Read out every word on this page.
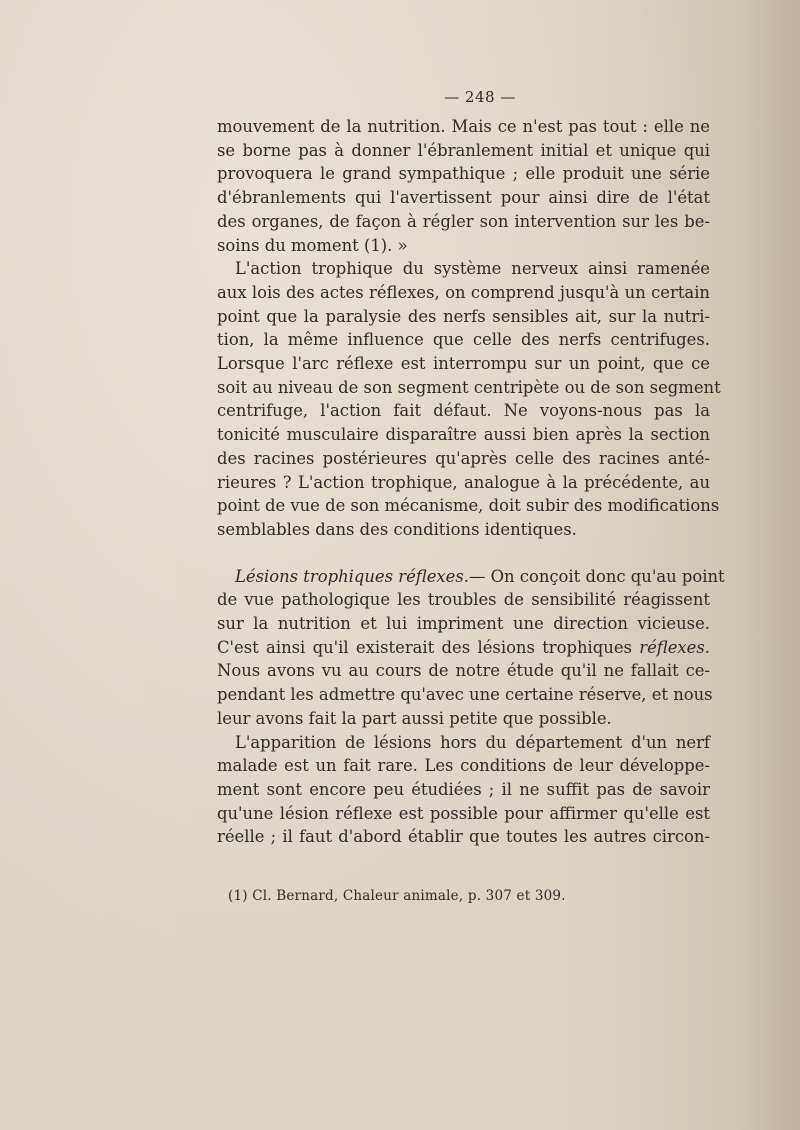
— 248 —
mouvement de la nutrition. Mais ce n'est pas tout : elle ne
se borne pas à donner l'ébranlement initial et unique qui
provoquera le grand sympathique ; elle produit une série
d'ébranlements qui l'avertissent pour ainsi dire de l'état
des organes, de façon à régler son intervention sur les be-
soins du moment (1). »
L'action trophique du système nerveux ainsi ramenée
aux lois des actes réflexes, on comprend jusqu'à un certain
point que la paralysie des nerfs sensibles ait, sur la nutri-
tion, la même influence que celle des nerfs centrifuges.
Lorsque l'arc réflexe est interrompu sur un point, que ce
soit au niveau de son segment centripète ou de son segment
centrifuge, l'action fait défaut. Ne voyons-nous pas la
tonicité musculaire disparaître aussi bien après la section
des racines postérieures qu'après celle des racines anté-
rieures ? L'action trophique, analogue à la précédente, au
point de vue de son mécanisme, doit subir des modifications
semblables dans des conditions identiques.
Lésions trophiques réflexes.— On conçoit donc qu'au point
de vue pathologique les troubles de sensibilité réagissent
sur la nutrition et lui impriment une direction vicieuse.
C'est ainsi qu'il existerait des lésions trophiques réflexes.
Nous avons vu au cours de notre étude qu'il ne fallait ce-
pendant les admettre qu'avec une certaine réserve, et nous
leur avons fait la part aussi petite que possible.
L'apparition de lésions hors du département d'un nerf
malade est un fait rare. Les conditions de leur développe-
ment sont encore peu étudiées ; il ne suffit pas de savoir
qu'une lésion réflexe est possible pour affirmer qu'elle est
réelle ; il faut d'abord établir que toutes les autres circon-
(1) Cl. Bernard, Chaleur animale, p. 307 et 309.
